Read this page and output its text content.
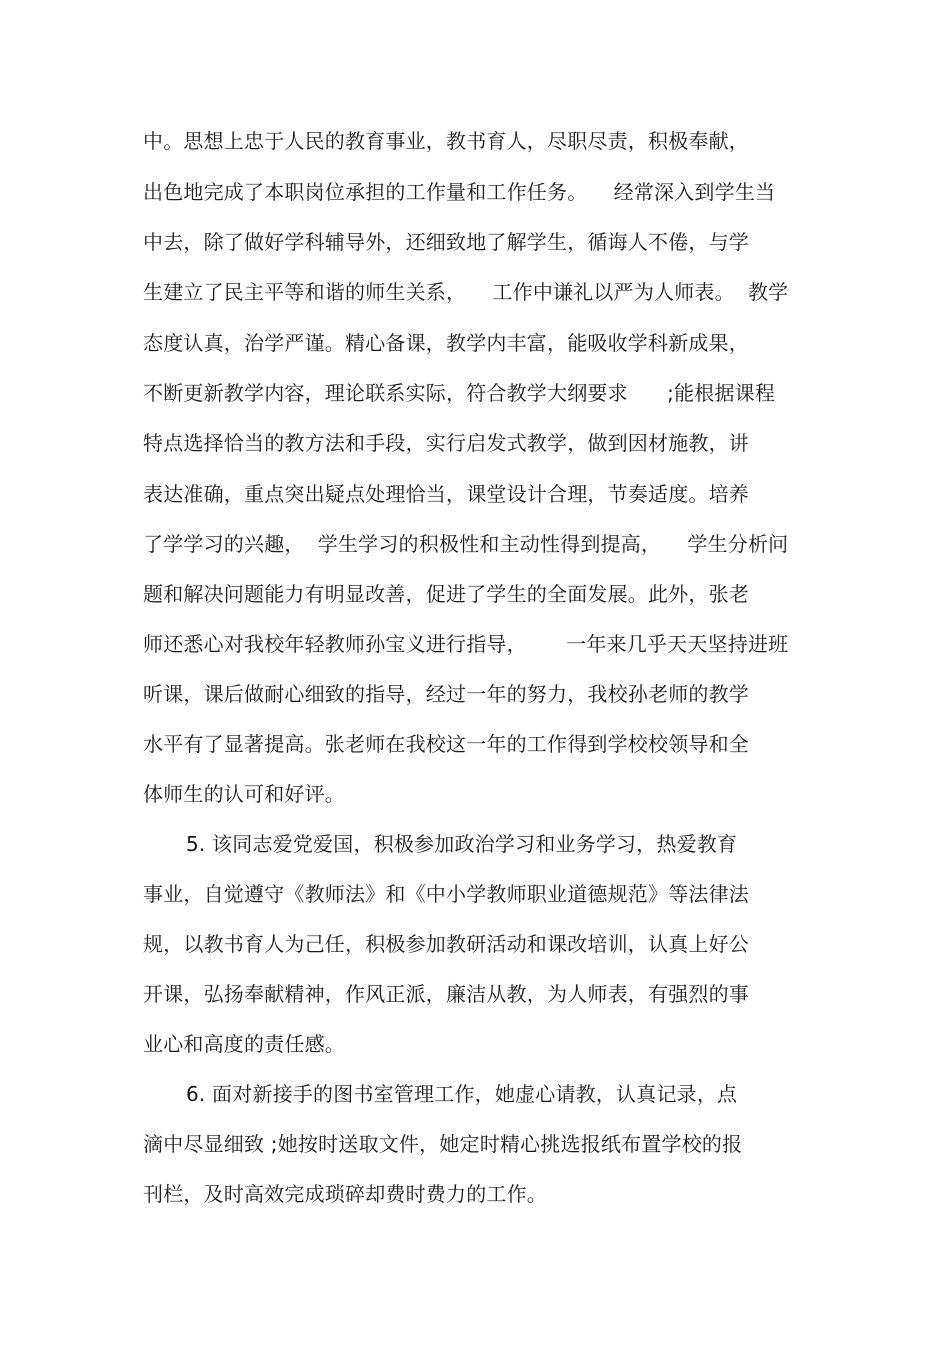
中。思想上忠于人民的教育事业，教书育人，尽职尽责，积极奉献，
出色地完成了本职岗位承担的工作量和工作任务。    经常深入到学生当
中去，除了做好学科辅导外，还细致地了解学生，循诲人不倦，与学
生建立了民主平等和谐的师生关系，    工作中谦礼以严为人师表。  教学
态度认真，治学严谨。精心备课，教学内丰富，能吸收学科新成果，
不断更新教学内容，理论联系实际，符合教学大纲要求      ;能根据课程
特点选择恰当的教方法和手段，实行启发式教学，做到因材施教，讲
表达准确，重点突出疑点处理恰当，课堂设计合理，节奏适度。培养
了学学习的兴趣，  学生学习的积极性和主动性得到提高，    学生分析问
题和解决问题能力有明显改善，促进了学生的全面发展。此外，张老
师还悉心对我校年轻教师孙宝义进行指导，      一年来几乎天天坚持进班
听课，课后做耐心细致的指导，经过一年的努力，我校孙老师的教学
水平有了显著提高。张老师在我校这一年的工作得到学校校领导和全
体师生的认可和好评。
5. 该同志爱党爱国，积极参加政治学习和业务学习，热爱教育
事业，自觉遵守《教师法》和《中小学教师职业道德规范》等法律法
规，以教书育人为己任，积极参加教研活动和课改培训，认真上好公
开课，弘扬奉献精神，作风正派，廉洁从教，为人师表，有强烈的事
业心和高度的责任感。
6. 面对新接手的图书室管理工作，她虚心请教，认真记录，点
滴中尽显细致 ;她按时送取文件，她定时精心挑选报纸布置学校的报
刊栏，及时高效完成琐碎却费时费力的工作。
